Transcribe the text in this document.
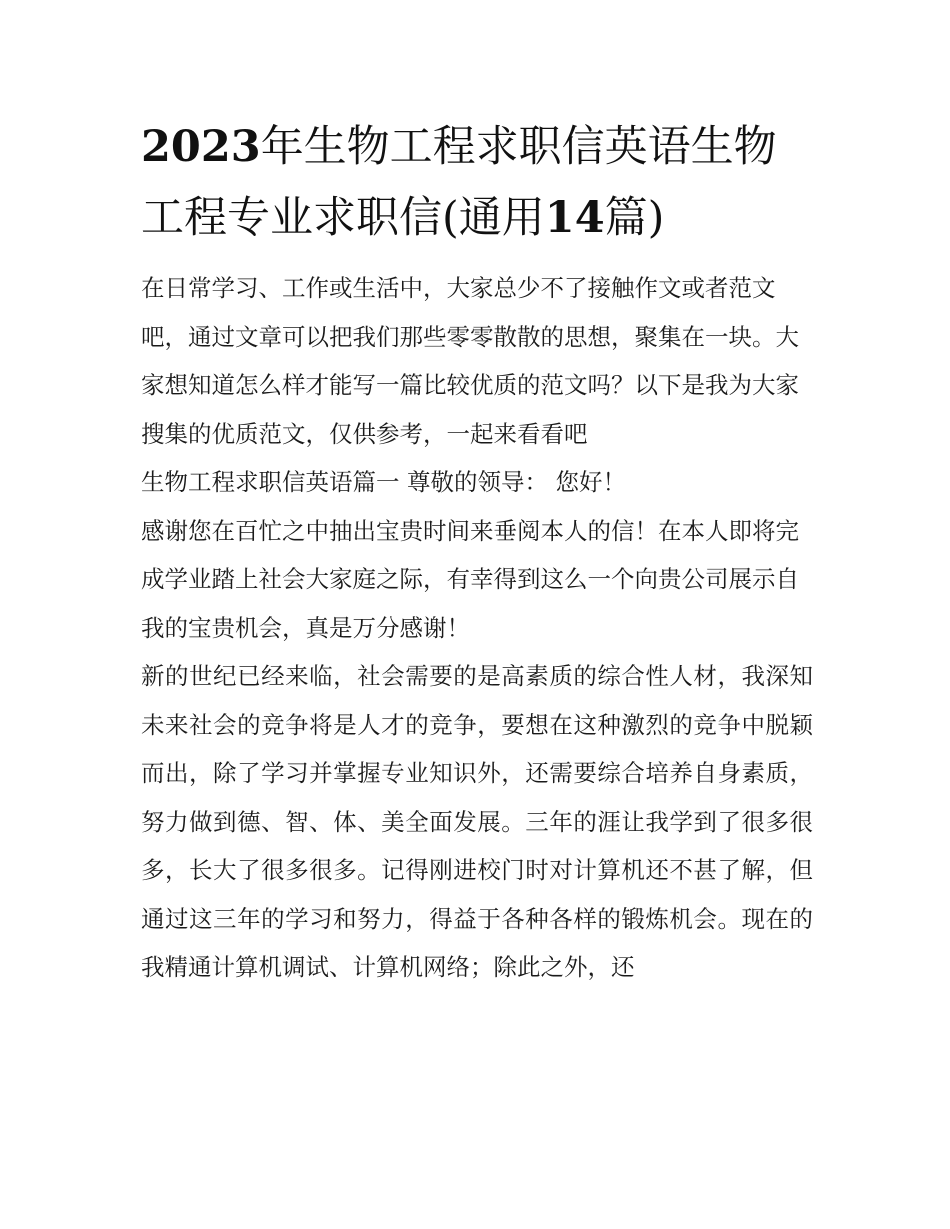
2023年生物工程求职信英语生物工程专业求职信(通用14篇)

在日常学习、工作或生活中，大家总少不了接触作文或者范文吧，通过文章可以把我们那些零零散散的思想，聚集在一块。大家想知道怎么样才能写一篇比较优质的范文吗？以下是我为大家搜集的优质范文，仅供参考，一起来看看吧

生物工程求职信英语篇一 尊敬的领导： 您好！

感谢您在百忙之中抽出宝贵时间来垂阅本人的信！在本人即将完成学业踏上社会大家庭之际，有幸得到这么一个向贵公司展示自我的宝贵机会，真是万分感谢！

新的世纪已经来临，社会需要的是高素质的综合性人材，我深知未来社会的竞争将是人才的竞争，要想在这种激烈的竞争中脱颖而出，除了学习并掌握专业知识外，还需要综合培养自身素质，努力做到德、智、体、美全面发展。三年的涯让我学到了很多很多，长大了很多很多。记得刚进校门时对计算机还不甚了解，但通过这三年的学习和努力，得益于各种各样的锻炼机会。现在的我精通计算机调试、计算机网络；除此之外，还
